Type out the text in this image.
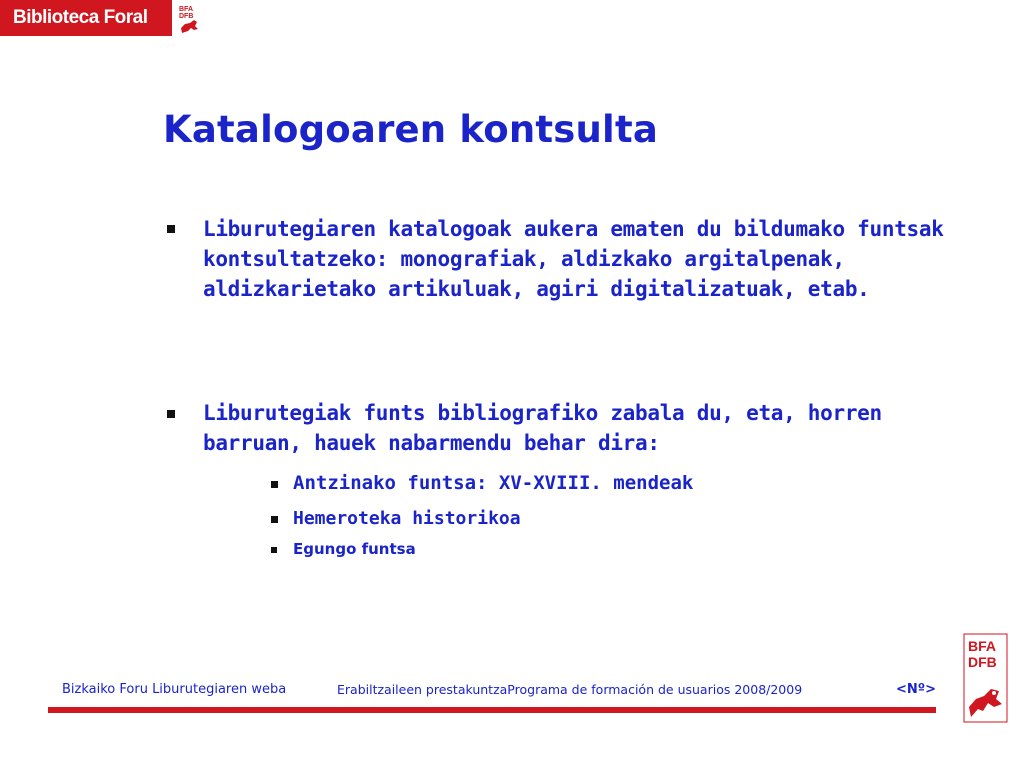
Biblioteca Foral	BFA
DFB
Katalogoaren kontsulta

Liburutegiaren katalogoak aukera ematen du bildumako funtsak kontsultatzeko: monografiak, aldizkako argitalpenak, aldizkarietako artikuluak, agiri digitalizatuak, etab.

Liburutegiak funts bibliografiko zabala du, eta, horren barruan, hauek nabarmendu behar dira:

Antzinako funtsa: XV-XVIII. mendeak

Hemeroteka historikoa

Egungo funtsa

Bizkaiko Foru Liburutegiaren weba	Erabiltzaileen prestakuntzaPrograma de formación de usuarios 2008/2009	<Nº>

BFA
DFB
